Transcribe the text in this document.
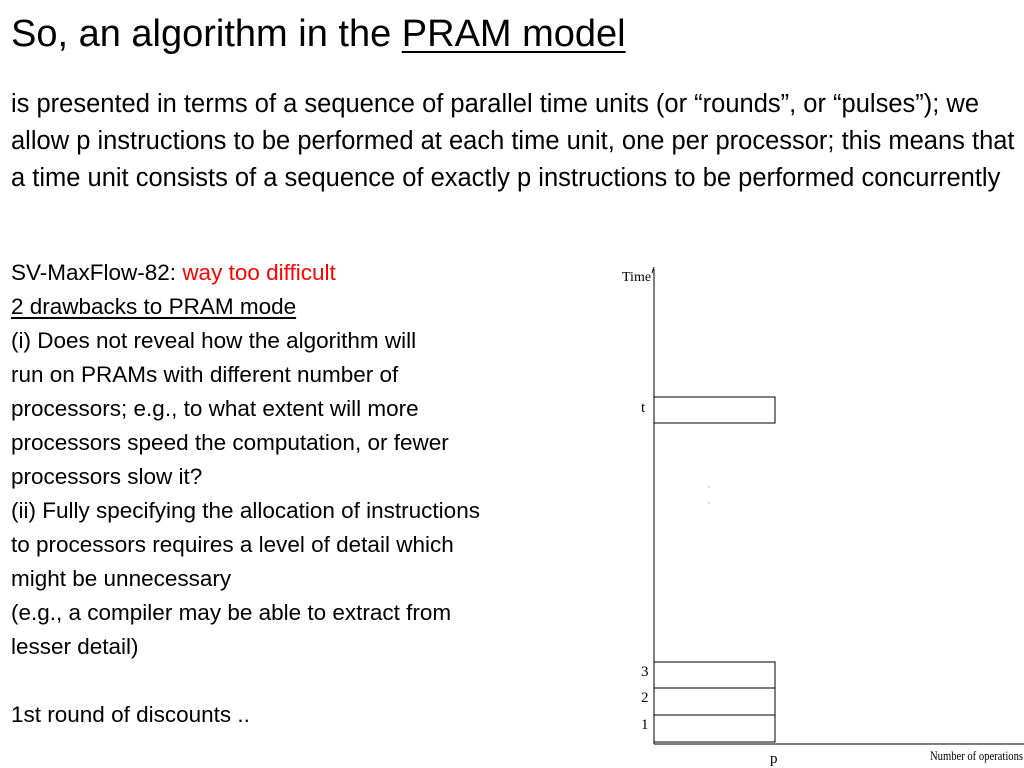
So, an algorithm in the PRAM model
is presented in terms of a sequence of parallel time units (or “rounds”, or “pulses”); we allow p instructions to be performed at each time unit, one per processor; this means that a time unit consists of a sequence of exactly p instructions to be performed concurrently
SV-MaxFlow-82: way too difficult
2 drawbacks to PRAM mode
(i) Does not reveal how the algorithm will
run on PRAMs with different number of
processors; e.g., to what extent will more
processors speed the computation, or fewer
processors slow it?
(ii) Fully specifying the allocation of instructions
to processors requires a level of detail which
might be unnecessary
(e.g., a compiler may be able to extract from
lesser detail)
1st round of discounts ..
Time
t
3
2
1
p	Number of operations
